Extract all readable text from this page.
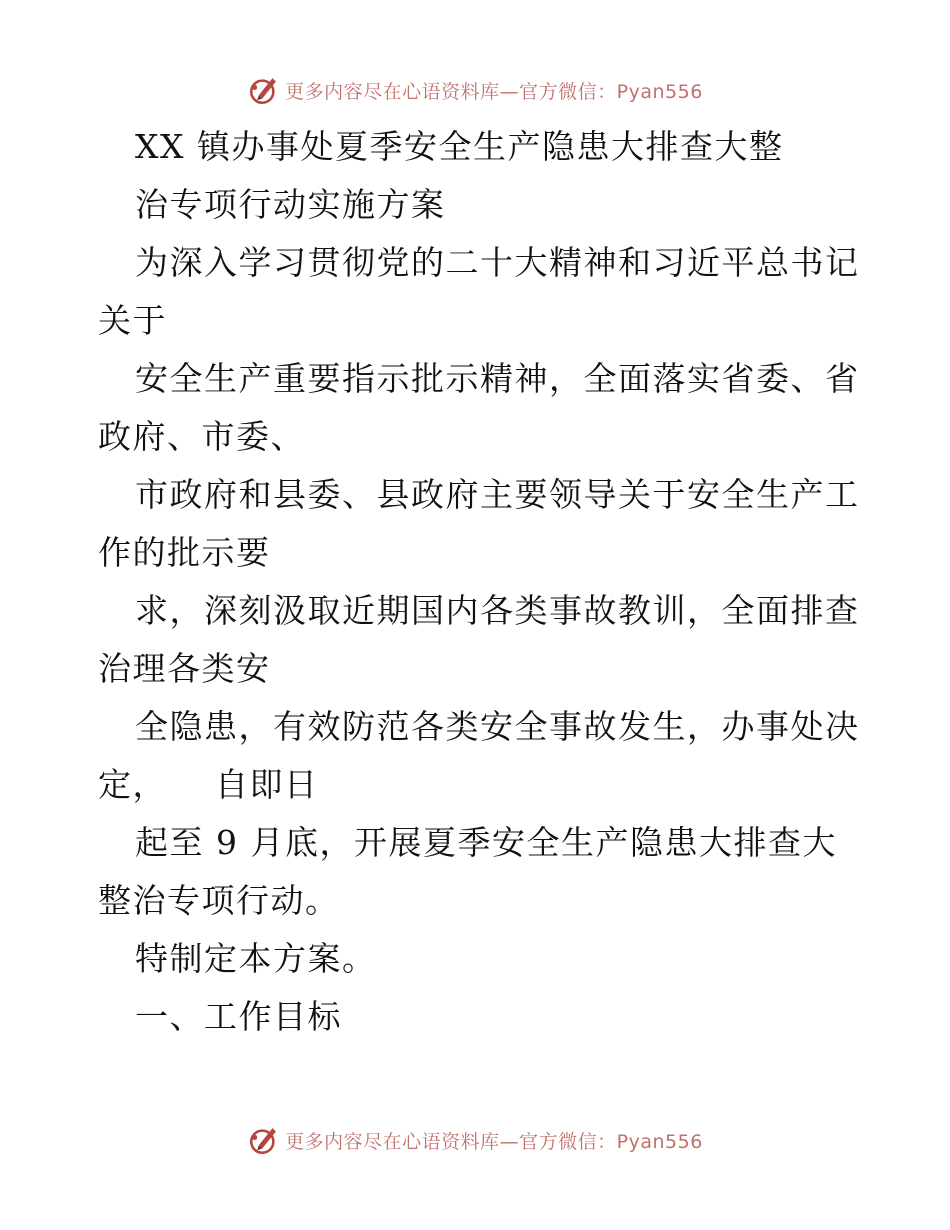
更多内容尽在心语资料库—官方微信：Pyan556
XX 镇办事处夏季安全生产隐患大排查大整
治专项行动实施方案
为深入学习贯彻党的二十大精神和习近平总书记
关于
安全生产重要指示批示精神，全面落实省委、省
政府、市委、
市政府和县委、县政府主要领导关于安全生产工
作的批示要
求，深刻汲取近期国内各类事故教训，全面排查
治理各类安
全隐患，有效防范各类安全事故发生，办事处决
定，    自即日
起至 9 月底，开展夏季安全生产隐患大排查大
整治专项行动。
特制定本方案。
一、工作目标
更多内容尽在心语资料库—官方微信：Pyan556
